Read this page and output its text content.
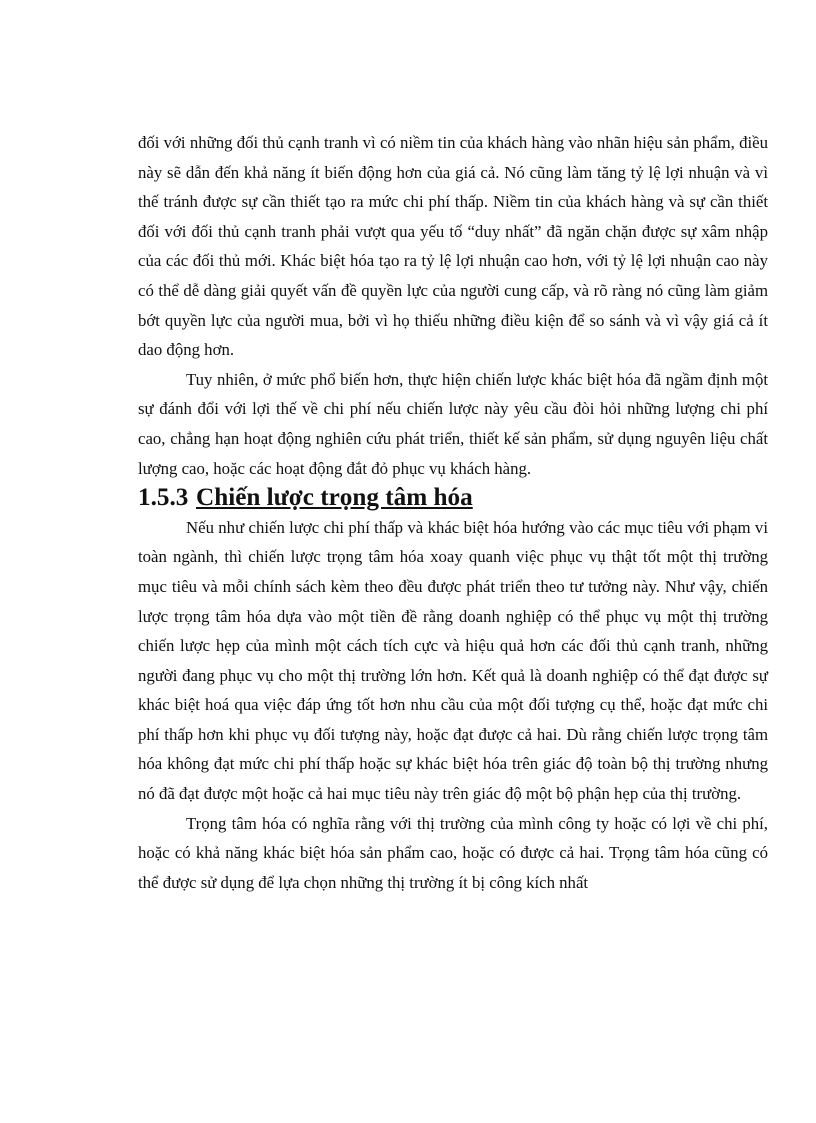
đối với những đối thủ cạnh tranh vì có niềm tin của khách hàng vào nhãn hiệu sản phẩm, điều này sẽ dẫn đến khả năng ít biến động hơn của giá cả. Nó cũng làm tăng tỷ lệ lợi nhuận và vì thế tránh được sự cần thiết tạo ra mức chi phí thấp. Niềm tin của khách hàng và sự cần thiết đối với đối thủ cạnh tranh phải vượt qua yếu tố “duy nhất” đã ngăn chặn được sự xâm nhập của các đối thủ mới. Khác biệt hóa tạo ra tỷ lệ lợi nhuận cao hơn, với tỷ lệ lợi nhuận cao này có thể dễ dàng giải quyết vấn đề quyền lực của người cung cấp, và rõ ràng nó cũng làm giảm bớt quyền lực của người mua, bởi vì họ thiếu những điều kiện để so sánh và vì vậy giá cả ít dao động hơn.

Tuy nhiên, ở mức phổ biến hơn, thực hiện chiến lược khác biệt hóa đã ngầm định một sự đánh đổi với lợi thế về chi phí nếu chiến lược này yêu cầu đòi hỏi những lượng chi phí cao, chẳng hạn hoạt động nghiên cứu phát triển, thiết kế sản phẩm, sử dụng nguyên liệu chất lượng cao, hoặc các hoạt động đắt đỏ phục vụ khách hàng.

1.5.3 Chiến lược trọng tâm hóa

Nếu như chiến lược chi phí thấp và khác biệt hóa hướng vào các mục tiêu với phạm vi toàn ngành, thì chiến lược trọng tâm hóa xoay quanh việc phục vụ thật tốt một thị trường mục tiêu và mỗi chính sách kèm theo đều được phát triển theo tư tưởng này. Như vậy, chiến lược trọng tâm hóa dựa vào một tiền đề rằng doanh nghiệp có thể phục vụ một thị trường chiến lược hẹp của mình một cách tích cực và hiệu quả hơn các đối thủ cạnh tranh, những người đang phục vụ cho một thị trường lớn hơn. Kết quả là doanh nghiệp có thể đạt được sự khác biệt hoá qua việc đáp ứng tốt hơn nhu cầu của một đối tượng cụ thể, hoặc đạt mức chi phí thấp hơn khi phục vụ đối tượng này, hoặc đạt được cả hai. Dù rằng chiến lược trọng tâm hóa không đạt mức chi phí thấp hoặc sự khác biệt hóa trên giác độ toàn bộ thị trường nhưng nó đã đạt được một hoặc cả hai mục tiêu này trên giác độ một bộ phận hẹp của thị trường.

Trọng tâm hóa có nghĩa rằng với thị trường của mình công ty hoặc có lợi về chi phí, hoặc có khả năng khác biệt hóa sản phẩm cao, hoặc có được cả hai. Trọng tâm hóa cũng có thể được sử dụng để lựa chọn những thị trường ít bị công kích nhất
